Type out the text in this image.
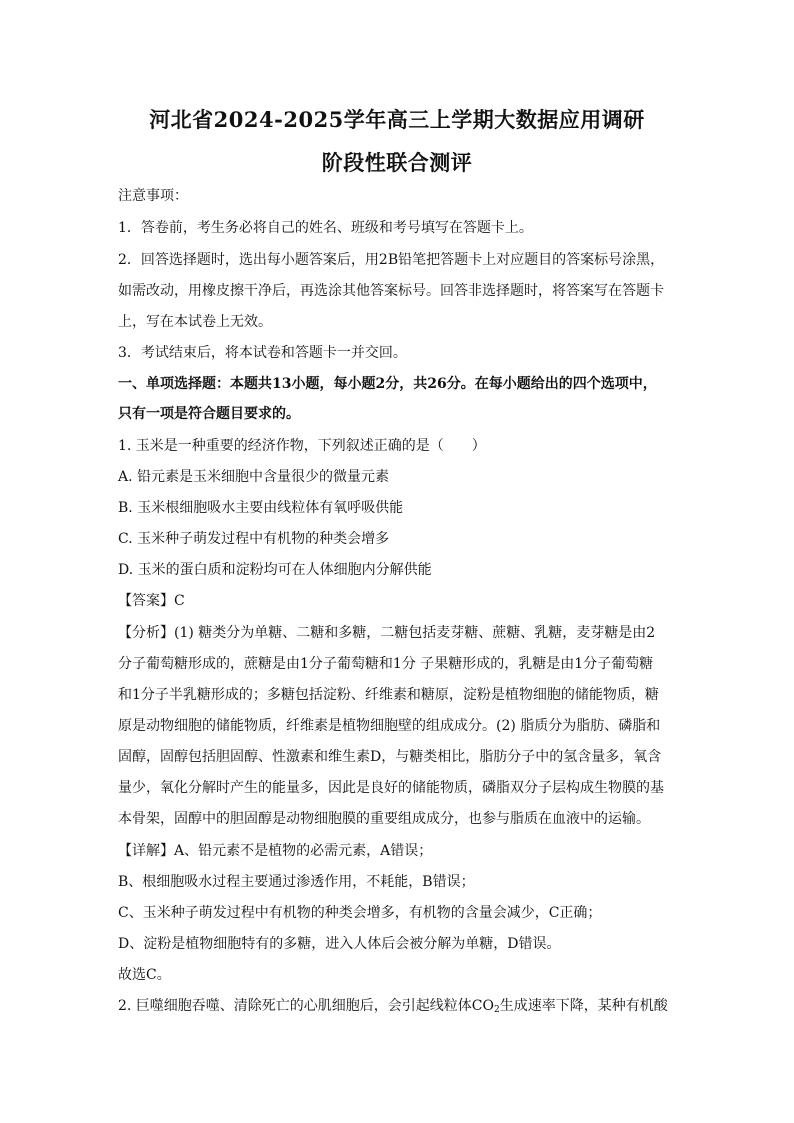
河北省2024-2025学年高三上学期大数据应用调研
阶段性联合测评
注意事项：
1．答卷前，考生务必将自己的姓名、班级和考号填写在答题卡上。
2．回答选择题时，选出每小题答案后，用2B铅笔把答题卡上对应题目的答案标号涂黑，
如需改动，用橡皮擦干净后，再选涂其他答案标号。回答非选择题时，将答案写在答题卡
上，写在本试卷上无效。
3．考试结束后，将本试卷和答题卡一并交回。
一、单项选择题：本题共13小题，每小题2分，共26分。在每小题给出的四个选项中，
只有一项是符合题目要求的。
1. 玉米是一种重要的经济作物，下列叙述正确的是（　　）
A. 铅元素是玉米细胞中含量很少的微量元素
B. 玉米根细胞吸水主要由线粒体有氧呼吸供能
C. 玉米种子萌发过程中有机物的种类会增多
D. 玉米的蛋白质和淀粉均可在人体细胞内分解供能
【答案】C
【分析】(1) 糖类分为单糖、二糖和多糖，二糖包括麦芽糖、蔗糖、乳糖，麦芽糖是由2
分子葡萄糖形成的，蔗糖是由1分子葡萄糖和1分 子果糖形成的，乳糖是由1分子葡萄糖
和1分子半乳糖形成的；多糖包括淀粉、纤维素和糖原，淀粉是植物细胞的储能物质，糖
原是动物细胞的储能物质，纤维素是植物细胞壁的组成成分。(2) 脂质分为脂肪、磷脂和
固醇，固醇包括胆固醇、性激素和维生素D，与糖类相比，脂肪分子中的氢含量多，氧含
量少，氧化分解时产生的能量多，因此是良好的储能物质，磷脂双分子层构成生物膜的基
本骨架，固醇中的胆固醇是动物细胞膜的重要组成成分，也参与脂质在血液中的运输。
【详解】A、铅元素不是植物的必需元素，A错误；
B、根细胞吸水过程主要通过渗透作用，不耗能，B错误；
C、玉米种子萌发过程中有机物的种类会增多，有机物的含量会减少，C正确；
D、淀粉是植物细胞特有的多糖，进入人体后会被分解为单糖，D错误。
故选C。
2. 巨噬细胞吞噬、清除死亡的心肌细胞后，会引起线粒体$CO_2$生成速率下降，某种有机酸
